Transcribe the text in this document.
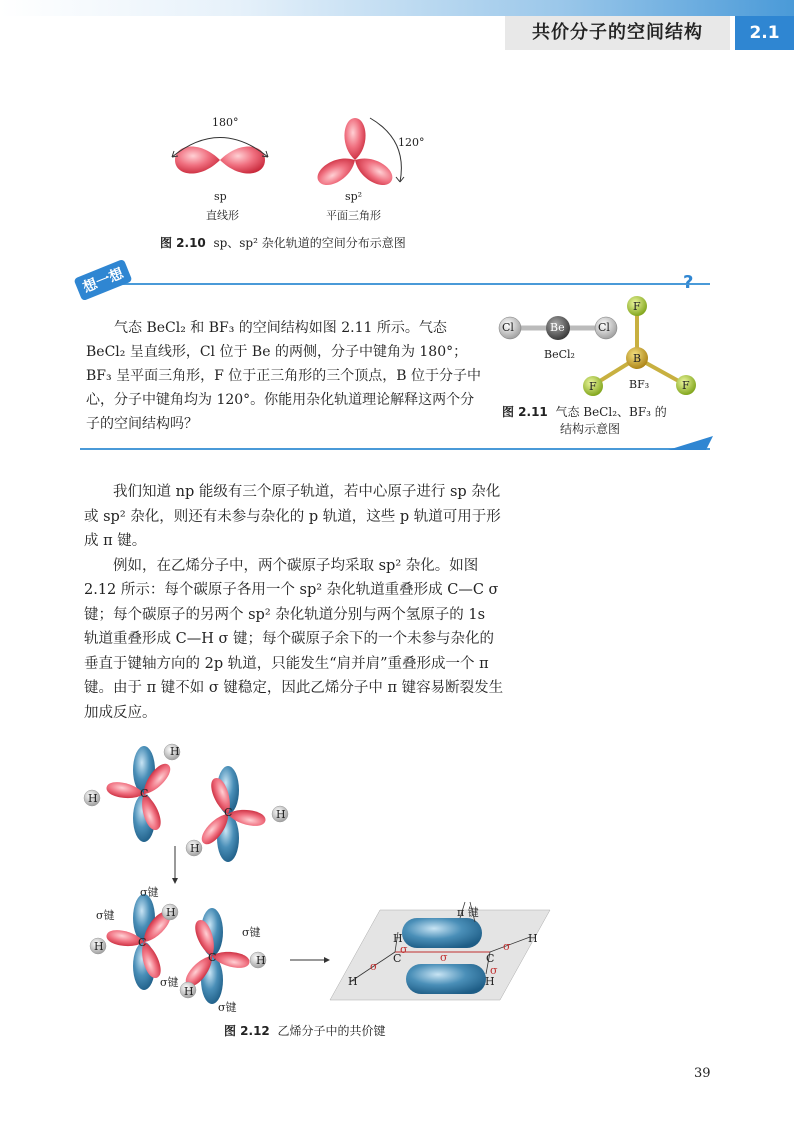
共价分子的空间结构	2.1
180°
120°
sp
直线形
sp²
平面三角形
图 2.10 sp、sp² 杂化轨道的空间分布示意图
想一想	?

气态 BeCl₂ 和 BF₃ 的空间结构如图 2.11 所示。气态 BeCl₂ 呈直线形，Cl 位于 Be 的两侧，分子中键角为 180°；BF₃ 呈平面三角形，F 位于正三角形的三个顶点，B 位于分子中心，分子中键角均为 120°。你能用杂化轨道理论解释这两个分子的空间结构吗？

Cl	Be	Cl
BeCl₂
F
B
F	F
BF₃
图 2.11 气态 BeCl₂、BF₃ 的
结构示意图

我们知道 np 能级有三个原子轨道，若中心原子进行 sp 杂化或 sp² 杂化，则还有未参与杂化的 p 轨道，这些 p 轨道可用于形成 π 键。

例如，在乙烯分子中，两个碳原子均采取 sp² 杂化。如图 2.12 所示：每个碳原子各用一个 sp² 杂化轨道重叠形成 C—C σ 键；每个碳原子的另两个 sp² 杂化轨道分别与两个氢原子的 1s 轨道重叠形成 C—H σ 键；每个碳原子余下的一个未参与杂化的垂直于键轴方向的 2p 轨道，只能发生“肩并肩”重叠形成一个 π 键。由于 π 键不如 σ 键稳定，因此乙烯分子中 π 键容易断裂发生加成反应。

H
H	C
C	H
H
σ键
σ键	H
H	C
C
σ键
H
σ键
H
σ键
π 键
H	H
C	C
H	H
σ
σ
σ
σ	σ
图 2.12 乙烯分子中的共价键
39
